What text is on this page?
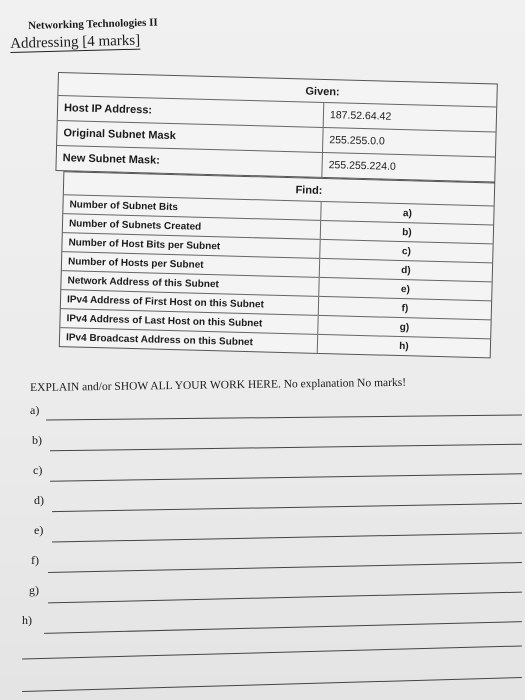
Networking Technologies II
Addressing [4 marks]
Given:
Host IP Address:	187.52.64.42
Original Subnet Mask	255.255.0.0
New Subnet Mask:	255.255.224.0
Find:
Number of Subnet Bits	a)
Number of Subnets Created	b)
Number of Host Bits per Subnet	c)
Number of Hosts per Subnet	d)
Network Address of this Subnet	e)
IPv4 Address of First Host on this Subnet	f)
IPv4 Address of Last Host on this Subnet	g)
IPv4 Broadcast Address on this Subnet	h)
EXPLAIN and/or SHOW ALL YOUR WORK HERE. No explanation No marks!
a)
b)
c)
d)
e)
f)
g)
h)
